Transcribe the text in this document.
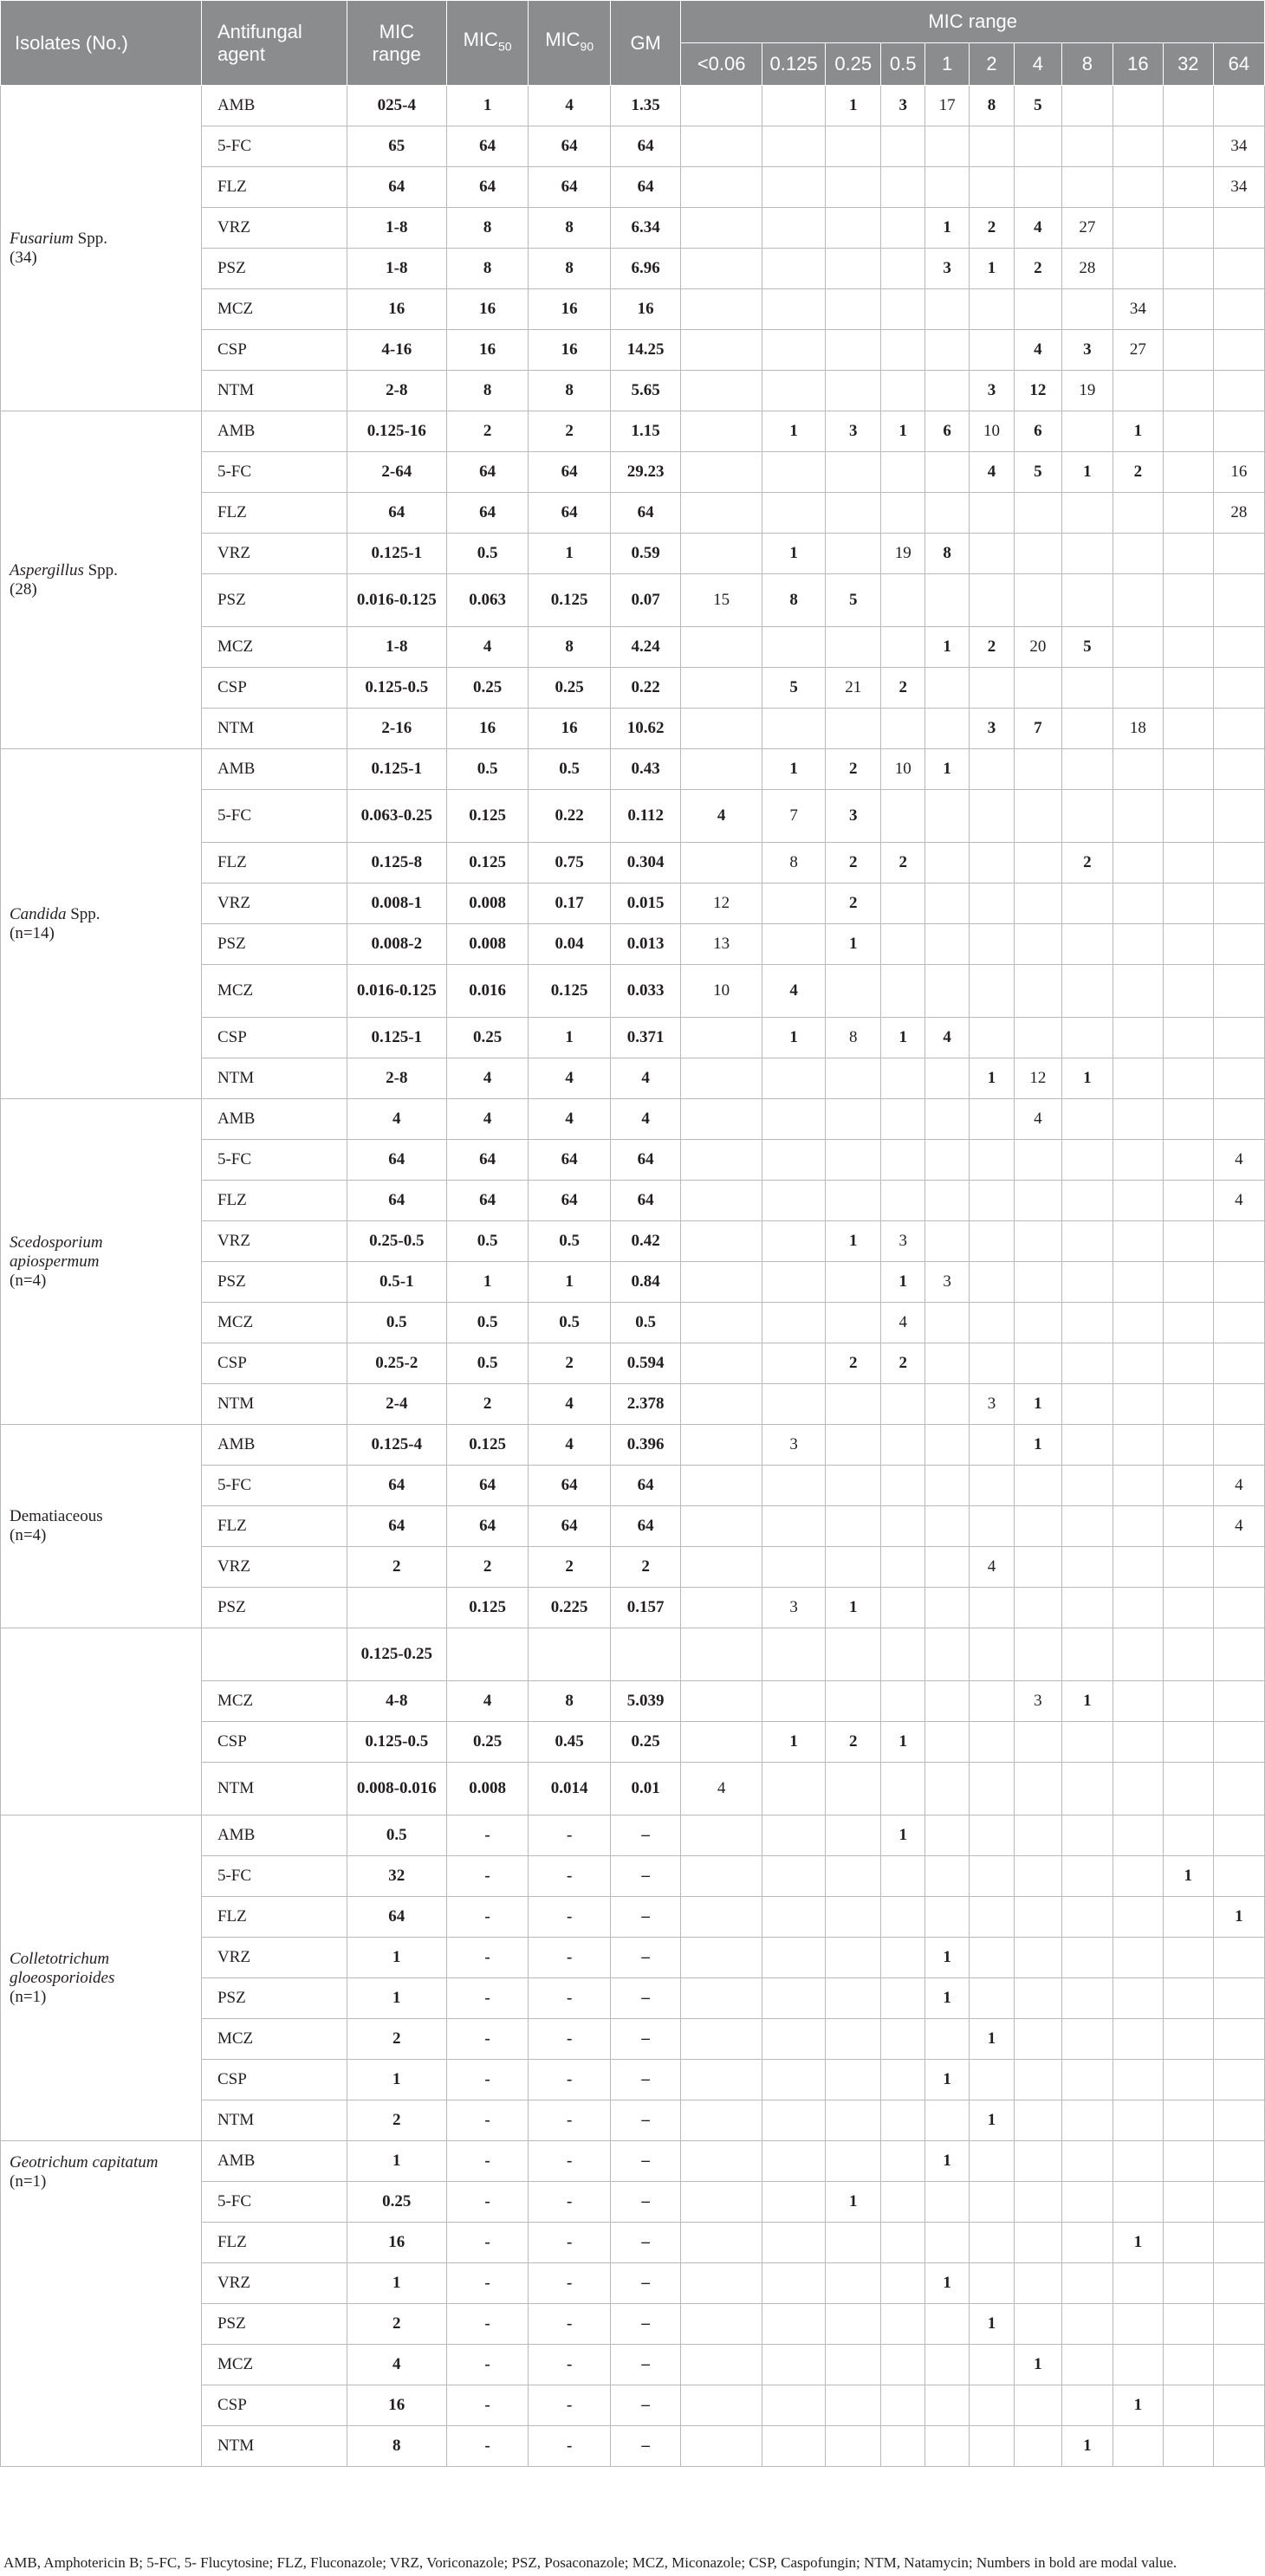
Isolates (No.)	Antifungal agent	MIC range	$MIC_{50}$	$MIC_{90}$	GM	MIC range										
						<0.06	0.125	0.25	0.5	1	2	4	8	16	32	64
Fusarium Spp.
(34)	AMB	025-4	1	4	1.35			1	3	17	8	5				
	5-FC	65	64	64	64											34
	FLZ	64	64	64	64											34
	VRZ	1-8	8	8	6.34					1	2	4	27			
	PSZ	1-8	8	8	6.96					3	1	2	28			
	MCZ	16	16	16	16									34		
	CSP	4-16	16	16	14.25							4	3	27		
	NTM	2-8	8	8	5.65						3	12	19			
Aspergillus Spp.
(28)	AMB	0.125-16	2	2	1.15		1	3	1	6	10	6		1		
	5-FC	2-64	64	64	29.23						4	5	1	2		16
	FLZ	64	64	64	64											28
	VRZ	0.125-1	0.5	1	0.59		1		19	8						
	PSZ	0.016-0.125	0.063	0.125	0.07	15	8	5								
	MCZ	1-8	4	8	4.24					1	2	20	5			
	CSP	0.125-0.5	0.25	0.25	0.22		5	21	2							
	NTM	2-16	16	16	10.62						3	7		18		
Candida Spp.
(n=14)	AMB	0.125-1	0.5	0.5	0.43		1	2	10	1						
	5-FC	0.063-0.25	0.125	0.22	0.112	4	7	3								
	FLZ	0.125-8	0.125	0.75	0.304		8	2	2				2			
	VRZ	0.008-1	0.008	0.17	0.015	12		2								
	PSZ	0.008-2	0.008	0.04	0.013	13		1								
	MCZ	0.016-0.125	0.016	0.125	0.033	10	4									
	CSP	0.125-1	0.25	1	0.371		1	8	1	4						
	NTM	2-8	4	4	4						1	12	1			
Scedosporium apiospermum
(n=4)	AMB	4	4	4	4							4				
	5-FC	64	64	64	64											4
	FLZ	64	64	64	64											4
	VRZ	0.25-0.5	0.5	0.5	0.42			1	3							
	PSZ	0.5-1	1	1	0.84				1	3						
	MCZ	0.5	0.5	0.5	0.5				4							
	CSP	0.25-2	0.5	2	0.594			2	2							
	NTM	2-4	2	4	2.378						3	1				
Dematiaceous
(n=4)	AMB	0.125-4	0.125	4	0.396		3					1				
	5-FC	64	64	64	64											4
	FLZ	64	64	64	64											4
	VRZ	2	2	2	2						4					
	PSZ		0.125	0.225	0.157		3	1								

		0.125-0.25														
	MCZ	4-8	4	8	5.039							3	1			
	CSP	0.125-0.5	0.25	0.45	0.25		1	2	1							
	NTM	0.008-0.016	0.008	0.014	0.01	4										
Colletotrichum gloeosporioides
(n=1)	AMB	0.5	-	-	–				1							
	5-FC	32	-	-	–										1	
	FLZ	64	-	-	–											1
	VRZ	1	-	-	–					1						
	PSZ	1	-	-	–					1						
	MCZ	2	-	-	–						1					
	CSP	1	-	-	–					1						
	NTM	2	-	-	–						1					
Geotrichum capitatum
(n=1)	AMB	1	-	-	–					1						
	5-FC	0.25	-	-	–			1								
	FLZ	16	-	-	–									1		
	VRZ	1	-	-	–					1						
	PSZ	2	-	-	–						1					
	MCZ	4	-	-	–							1				
	CSP	16	-	-	–									1		
	NTM	8	-	-	–								1			
AMB, Amphotericin B; 5-FC, 5- Flucytosine; FLZ, Fluconazole; VRZ, Voriconazole; PSZ, Posaconazole; MCZ, Miconazole; CSP, Caspofungin; NTM, Natamycin; Numbers in bold are modal value.
